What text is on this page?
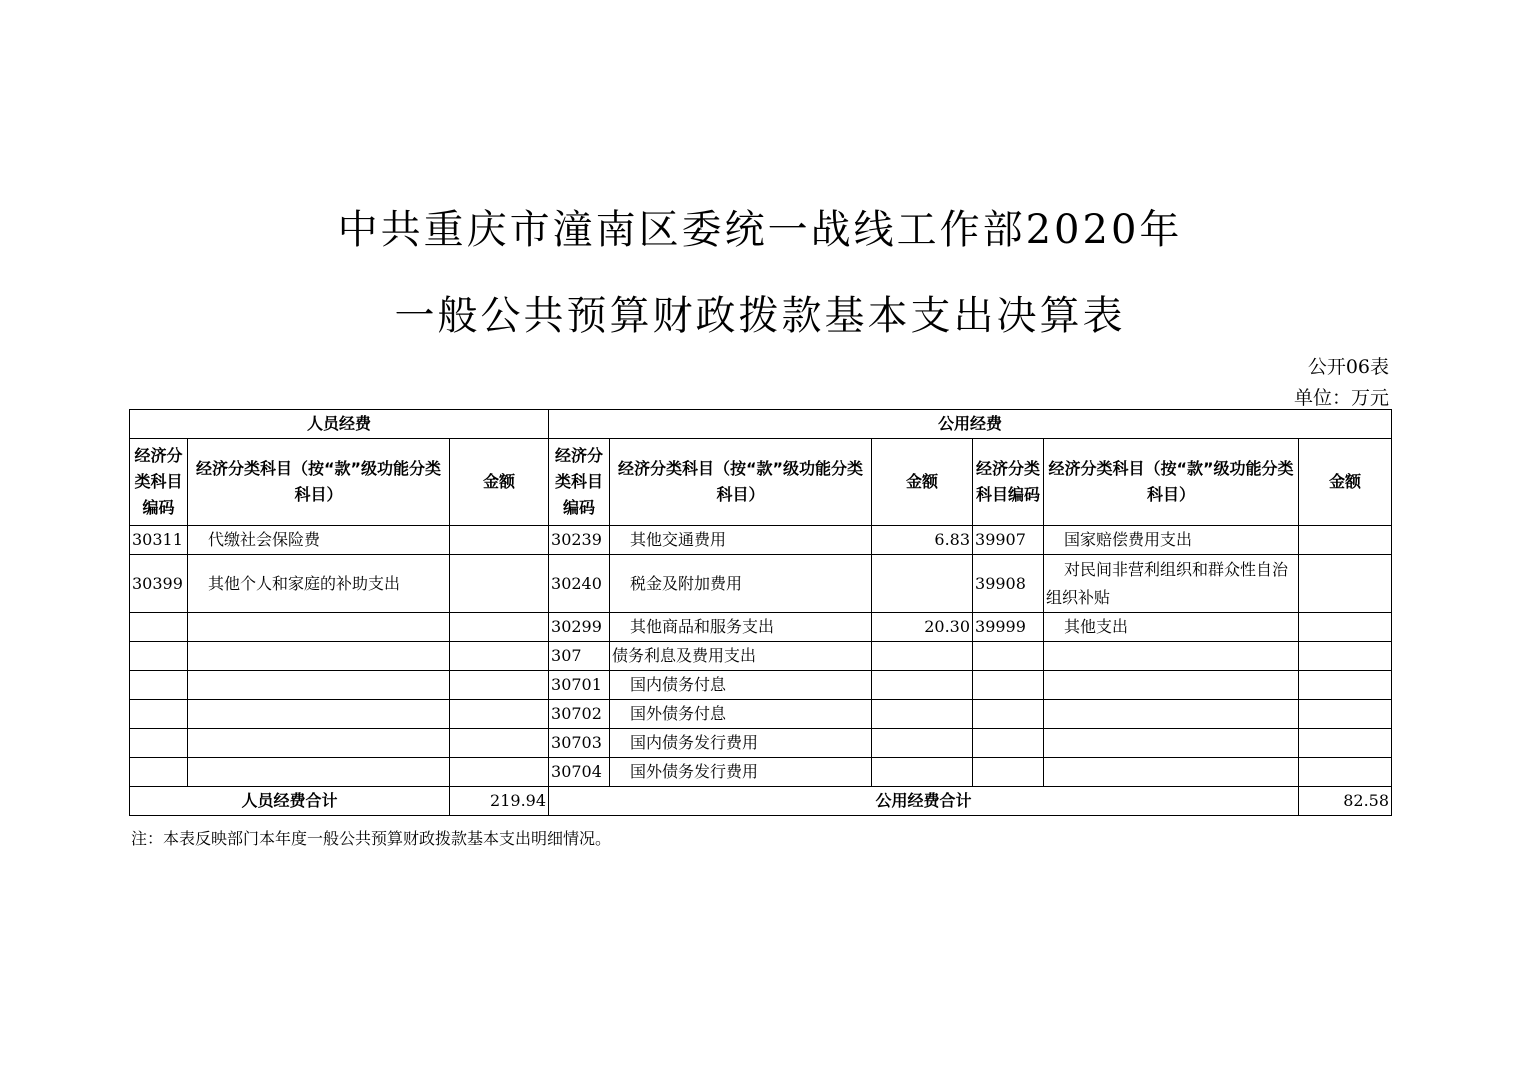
中共重庆市潼南区委统一战线工作部2020年
一般公共预算财政拨款基本支出决算表
公开06表
单位：万元
人员经费			公用经费					
经济分类科目编码	经济分类科目（按“款”级功能分类科目）	金额	经济分类科目编码	经济分类科目（按“款”级功能分类科目）	金额	经济分类科目编码	经济分类科目（按“款”级功能分类科目）	金额
30311	代缴社会保险费		30239	其他交通费用	6.83	39907	国家赔偿费用支出	
30399	其他个人和家庭的补助支出		30240	税金及附加费用		39908	对民间非营利组织和群众性自治组织补贴	
			30299	其他商品和服务支出	20.30	39999	其他支出	
			307	债务利息及费用支出				
			30701	国内债务付息				
			30702	国外债务付息				
			30703	国内债务发行费用				
			30704	国外债务发行费用				
人员经费合计		219.94	公用经费合计					82.58
注：本表反映部门本年度一般公共预算财政拨款基本支出明细情况。
